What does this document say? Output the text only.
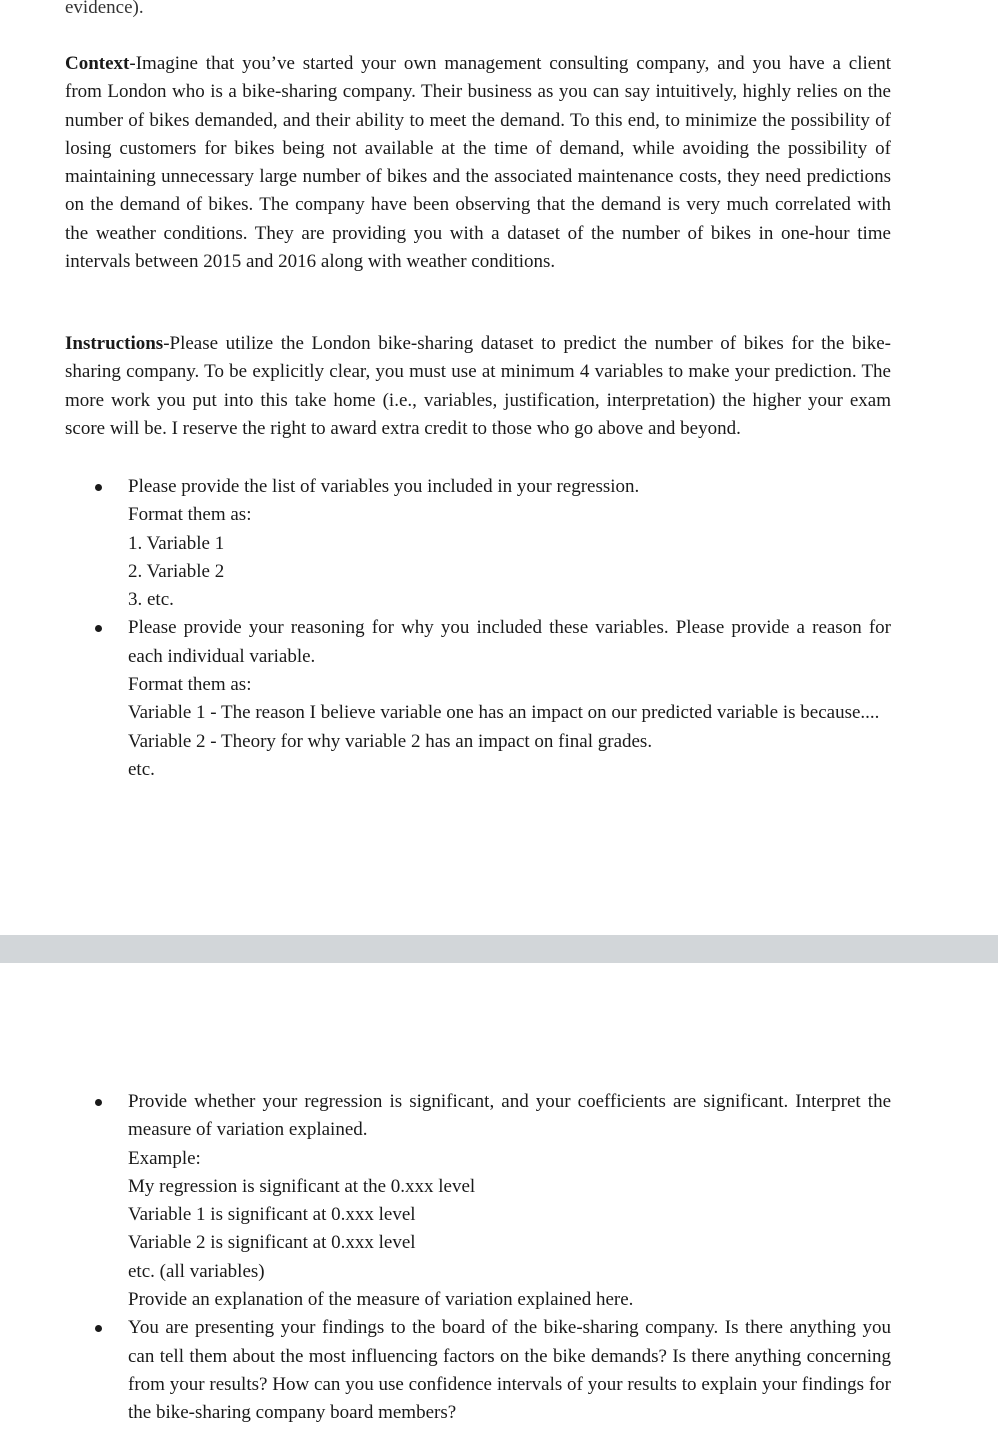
evidence).

Context-Imagine that you’ve started your own management consulting company, and you have a client from London who is a bike-sharing company. Their business as you can say intuitively, highly relies on the number of bikes demanded, and their ability to meet the demand. To this end, to minimize the possibility of losing customers for bikes being not available at the time of demand, while avoiding the possibility of maintaining unnecessary large number of bikes and the associated maintenance costs, they need predictions on the demand of bikes. The company have been observing that the demand is very much correlated with the weather conditions. They are providing you with a dataset of the number of bikes in one-hour time intervals between 2015 and 2016 along with weather conditions.

Instructions-Please utilize the London bike-sharing dataset to predict the number of bikes for the bike-sharing company. To be explicitly clear, you must use at minimum 4 variables to make your prediction. The more work you put into this take home (i.e., variables, justification, interpretation) the higher your exam score will be. I reserve the right to award extra credit to those who go above and beyond.

Please provide the list of variables you included in your regression.

Format them as:
1. Variable 1
2. Variable 2
3. etc.

Please provide your reasoning for why you included these variables. Please provide a reason for each individual variable.

Format them as:
Variable 1 - The reason I believe variable one has an impact on our predicted variable is because....
Variable 2 - Theory for why variable 2 has an impact on final grades.
etc.

Provide whether your regression is significant, and your coefficients are significant. Interpret the measure of variation explained.

Example:
My regression is significant at the 0.xxx level
Variable 1 is significant at 0.xxx level
Variable 2 is significant at 0.xxx level
etc. (all variables)
Provide an explanation of the measure of variation explained here.

You are presenting your findings to the board of the bike-sharing company. Is there anything you can tell them about the most influencing factors on the bike demands? Is there anything concerning from your results? How can you use confidence intervals of your results to explain your findings for the bike-sharing company board members?
